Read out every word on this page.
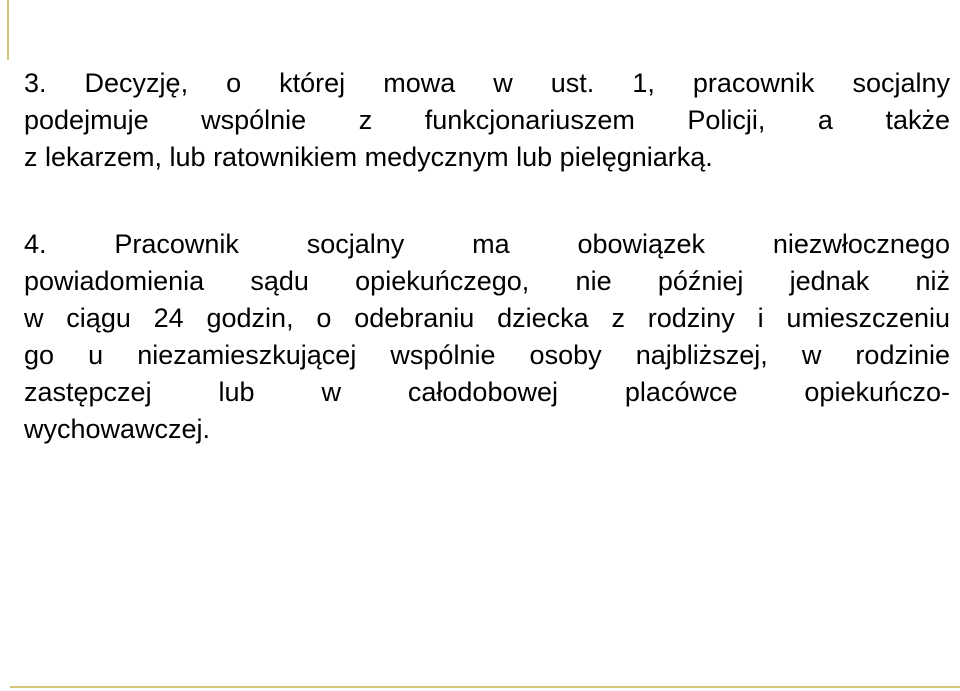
3. Decyzję, o której mowa w ust. 1, pracownik socjalny
podejmuje wspólnie z funkcjonariuszem Policji, a także
z lekarzem, lub ratownikiem medycznym lub pielęgniarką.

4. Pracownik socjalny ma obowiązek niezwłocznego
powiadomienia sądu opiekuńczego, nie później jednak niż
w ciągu 24 godzin, o odebraniu dziecka z rodziny i umieszczeniu
go u niezamieszkującej wspólnie osoby najbliższej, w rodzinie
zastępczej lub w całodobowej placówce opiekuńczo-
wychowawczej.
